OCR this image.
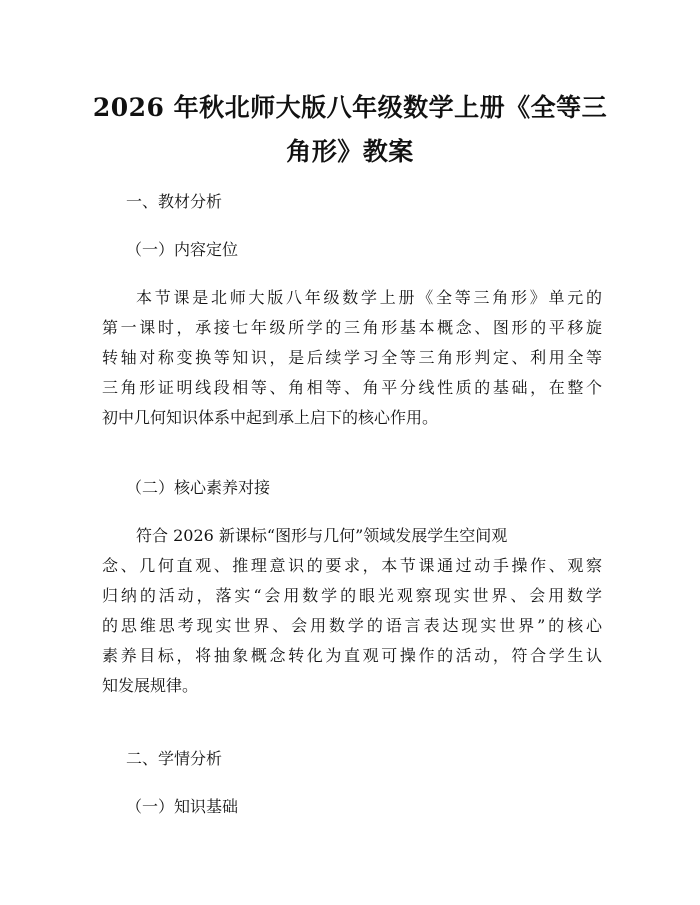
2026 年秋北师大版八年级数学上册《全等三
角形》教案
一、教材分析
（一）内容定位
本节课是北师大版八年级数学上册《全等三角形》单元的
第一课时，承接七年级所学的三角形基本概念、图形的平移旋
转轴对称变换等知识，是后续学习全等三角形判定、利用全等
三角形证明线段相等、角相等、角平分线性质的基础，在整个
初中几何知识体系中起到承上启下的核心作用。
（二）核心素养对接
符合 2026 新课标“图形与几何”领域发展学生空间观
念、几何直观、推理意识的要求，本节课通过动手操作、观察
归纳的活动，落实“会用数学的眼光观察现实世界、会用数学
的思维思考现实世界、会用数学的语言表达现实世界”的核心
素养目标，将抽象概念转化为直观可操作的活动，符合学生认
知发展规律。
二、学情分析
（一）知识基础
